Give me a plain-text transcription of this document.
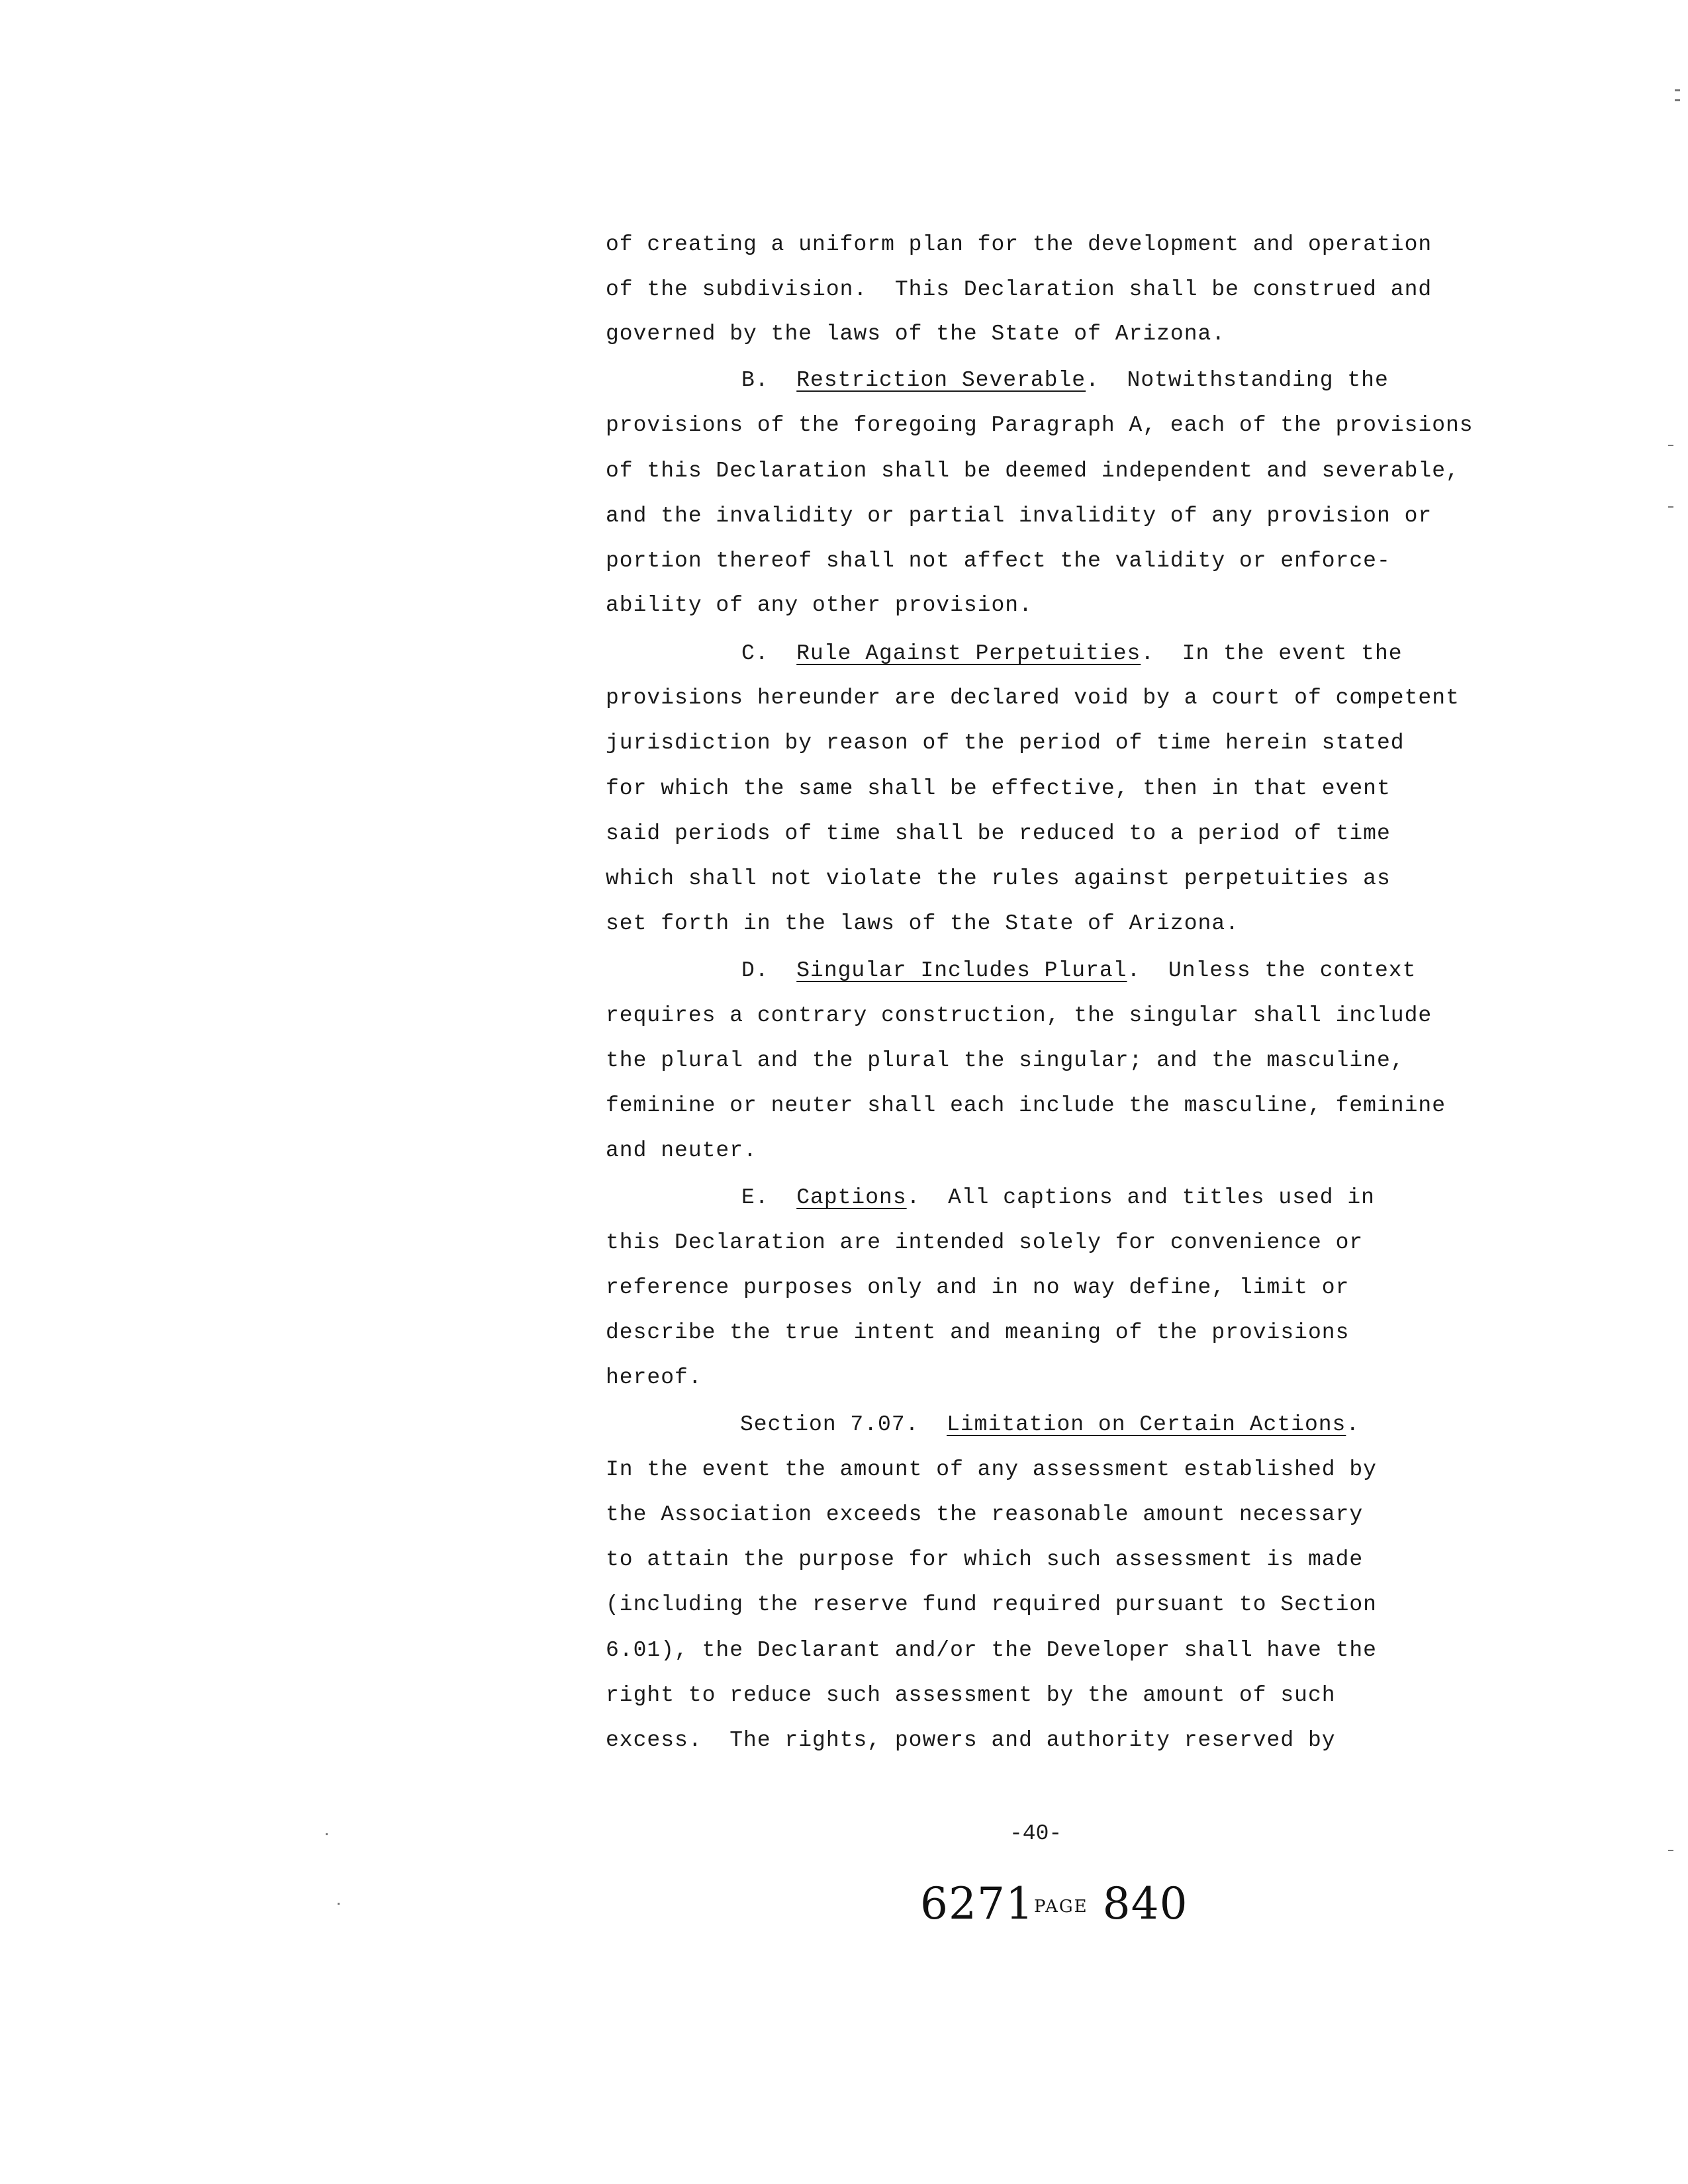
of creating a uniform plan for the development and operation
of the subdivision.  This Declaration shall be construed and
governed by the laws of the State of Arizona.
B. Restriction Severable.  Notwithstanding the
provisions of the foregoing Paragraph A, each of the provisions
of this Declaration shall be deemed independent and severable,
and the invalidity or partial invalidity of any provision or
portion thereof shall not affect the validity or enforce-
ability of any other provision.
C. Rule Against Perpetuities.  In the event the
provisions hereunder are declared void by a court of competent
jurisdiction by reason of the period of time herein stated
for which the same shall be effective, then in that event
said periods of time shall be reduced to a period of time
which shall not violate the rules against perpetuities as
set forth in the laws of the State of Arizona.
D. Singular Includes Plural.  Unless the context
requires a contrary construction, the singular shall include
the plural and the plural the singular; and the masculine,
feminine or neuter shall each include the masculine, feminine
and neuter.
E. Captions.  All captions and titles used in
this Declaration are intended solely for convenience or
reference purposes only and in no way define, limit or
describe the true intent and meaning of the provisions
hereof.
Section 7.07. Limitation on Certain Actions.
In the event the amount of any assessment established by
the Association exceeds the reasonable amount necessary
to attain the purpose for which such assessment is made
(including the reserve fund required pursuant to Section
6.01), the Declarant and/or the Developer shall have the
right to reduce such assessment by the amount of such
excess.  The rights, powers and authority reserved by
-40-
6271PAGE 840
